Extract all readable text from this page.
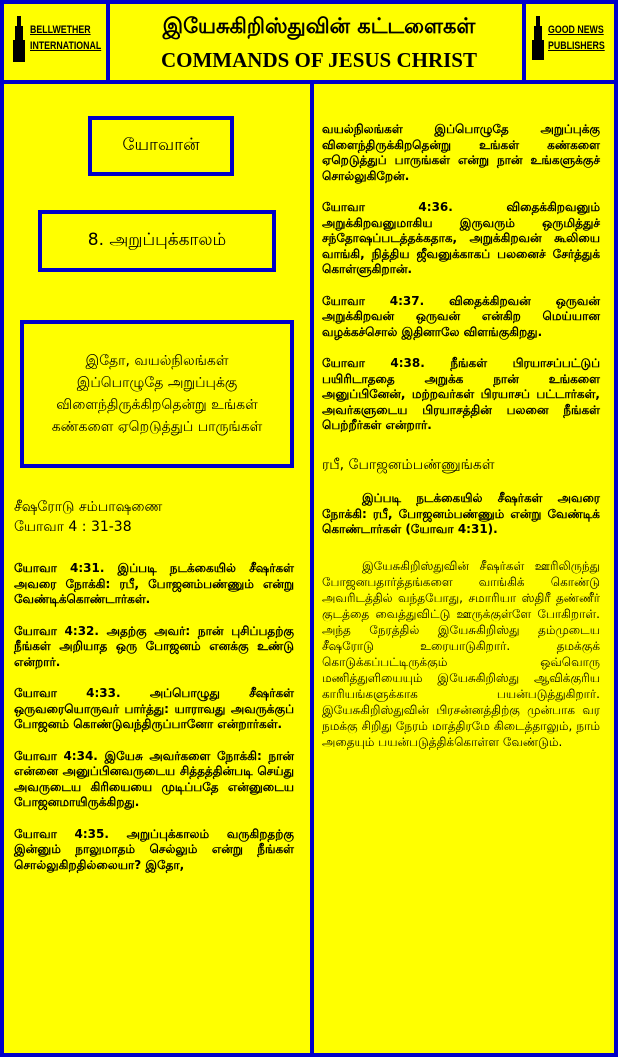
BELLWETHER
INTERNATIONAL
இயேசுகிறிஸ்துவின் கட்டளைகள்
COMMANDS OF JESUS CHRIST
GOOD NEWS
PUBLISHERS
யோவான்
8. அறுப்புக்காலம்
இதோ, வயல்நிலங்கள் இப்பொழுதே அறுப்புக்கு விளைந்திருக்கிறதென்று உங்கள் கண்களை ஏறெடுத்துப் பாருங்கள்
சீஷரோடு சம்பாஷணை
யோவா 4 : 31-38

யோவா 4:31. இப்படி நடக்கையில் சீஷர்கள் அவரை நோக்கி: ரபீ, போஜனம்பண்ணும் என்று வேண்டிக்கொண்டார்கள்.

யோவா 4:32. அதற்கு அவர்: நான் புசிப்பதற்கு நீங்கள் அறியாத ஒரு போஜனம் எனக்கு உண்டு என்றார்.

யோவா 4:33. அப்பொழுது சீஷர்கள் ஒருவரையொருவர் பார்த்து: யாராவது அவருக்குப் போஜனம் கொண்டுவந்திருப்பானோ என்றார்கள்.

யோவா 4:34. இயேசு அவர்களை நோக்கி: நான் என்னை அனுப்பினவருடைய சித்தத்தின்படி செய்து அவருடைய கிரியையை முடிப்பதே என்னுடைய போஜனமாயிருக்கிறது.

யோவா 4:35. அறுப்புக்காலம் வருகிறதற்கு இன்னும் நாலுமாதம் செல்லும் என்று நீங்கள் சொல்லுகிறதில்லையா? இதோ,

வயல்நிலங்கள் இப்பொழுதே அறுப்புக்கு விளைந்திருக்கிறதென்று உங்கள் கண்களை ஏறெடுத்துப் பாருங்கள் என்று நான் உங்களுக்குச் சொல்லுகிறேன்.

யோவா 4:36. விதைக்கிறவனும் அறுக்கிறவனுமாகிய இருவரும் ஒருமித்துச் சந்தோஷப்படத்தக்கதாக, அறுக்கிறவன் கூலியை வாங்கி, நித்திய ஜீவனுக்காகப் பலனைச் சேர்த்துக் கொள்ளுகிறான்.

யோவா 4:37. விதைக்கிறவன் ஒருவன் அறுக்கிறவன் ஒருவன் என்கிற மெய்யான வழக்கச்சொல் இதினாலே விளங்குகிறது.

யோவா 4:38. நீங்கள் பிரயாசப்பட்டுப் பயிரிடாததை அறுக்க நான் உங்களை அனுப்பினேன், மற்றவர்கள் பிரயாசப் பட்டார்கள், அவர்களுடைய பிரயாசத்தின் பலனை நீங்கள் பெற்றீர்கள் என்றார்.

ரபீ, போஜனம்பண்ணுங்கள்

இப்படி நடக்கையில் சீஷர்கள் அவரை நோக்கி: ரபீ, போஜனம்பண்ணும் என்று வேண்டிக் கொண்டார்கள் (யோவா 4:31).

இயேசுகிறிஸ்துவின் சீஷர்கள் ஊரிலிருந்து போஜனபதார்த்தங்களை வாங்கிக் கொண்டு அவரிடத்தில் வந்தபோது, சமாரியா ஸ்திரீ தண்ணீர் குடத்தை வைத்துவிட்டு ஊருக்குள்ளே போகிறாள். அந்த நேரத்தில் இயேசுகிறிஸ்து தம்முடைய சீஷரோடு உரையாடுகிறார். தமக்குக் கொடுக்கப்பட்டிருக்கும் ஒவ்வொரு மணித்துளியையும் இயேசுகிறிஸ்து ஆவிக்குரிய காரியங்களுக்காக பயன்படுத்துகிறார். இயேசுகிறிஸ்துவின் பிரசன்னத்திற்கு முன்பாக வர நமக்கு சிறிது நேரம் மாத்திரமே கிடைத்தாலும், நாம் அதையும் பயன்படுத்திக்கொள்ள வேண்டும்.
